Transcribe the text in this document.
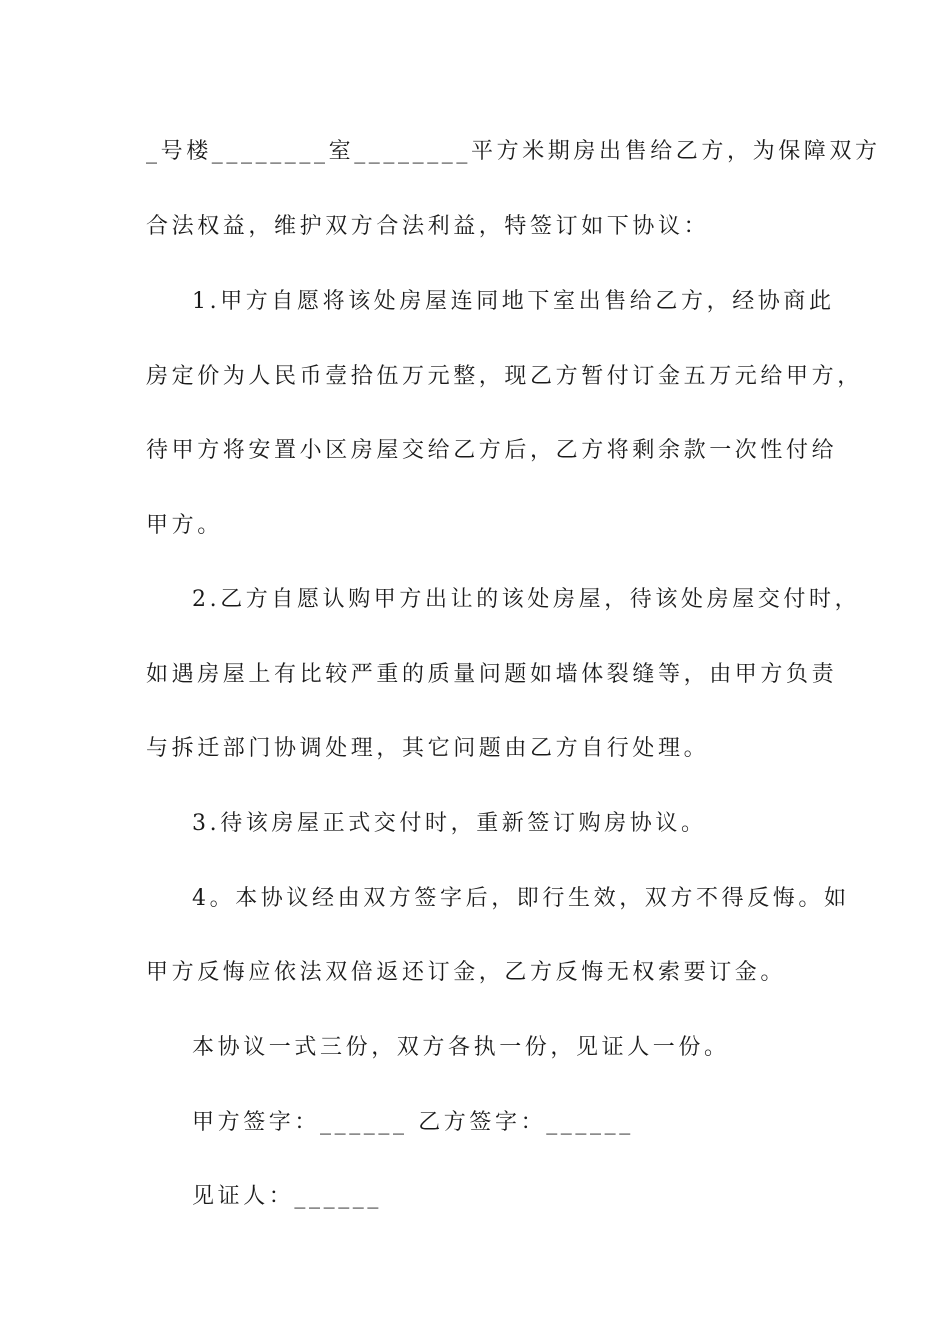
_号楼________室________平方米期房出售给乙方，为保障双方
合法权益，维护双方合法利益，特签订如下协议：
1.甲方自愿将该处房屋连同地下室出售给乙方，经协商此
房定价为人民币壹拾伍万元整，现乙方暂付订金五万元给甲方，
待甲方将安置小区房屋交给乙方后，乙方将剩余款一次性付给
甲方。
2.乙方自愿认购甲方出让的该处房屋，待该处房屋交付时，
如遇房屋上有比较严重的质量问题如墙体裂缝等，由甲方负责
与拆迁部门协调处理，其它问题由乙方自行处理。
3.待该房屋正式交付时，重新签订购房协议。
4。本协议经由双方签字后，即行生效，双方不得反悔。如
甲方反悔应依法双倍返还订金，乙方反悔无权索要订金。
本协议一式三份，双方各执一份，见证人一份。
甲方签字：______ 乙方签字：______
见证人：______
